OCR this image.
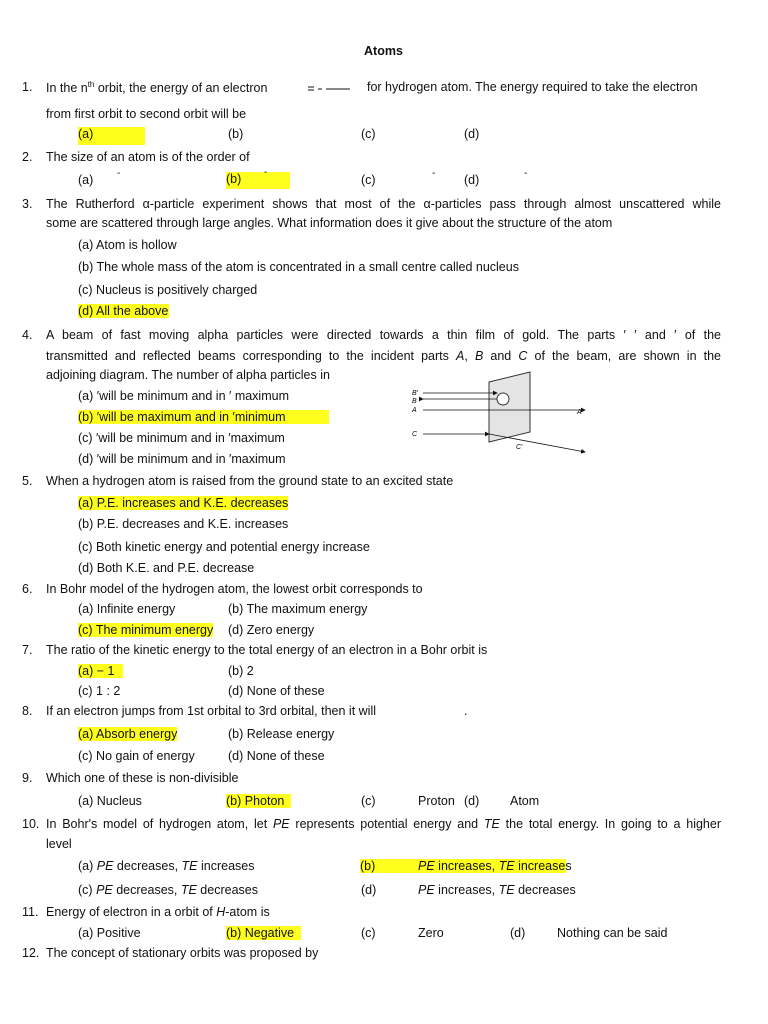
Atoms
1. In the $n^{th}$ orbit, the energy of an electron	for hydrogen atom. The energy required to take the electron
from first orbit to second orbit will be
(a)	(b)	(c)	(d)
2. The size of an atom is of the order of
(a) -	(b) -
(c)	- (d)	-
3. The Rutherford α-particle experiment shows that most of the α-particles pass through almost unscattered while
some are scattered through large angles. What information does it give about the structure of the atom
(a) Atom is hollow
(b) The whole mass of the atom is concentrated in a small centre called nucleus
(c) Nucleus is positively charged
(d) All the above
4. A beam of fast moving alpha particles were directed towards a thin film of gold. The parts ′ ′ and ′ of the
transmitted and reflected beams corresponding to the incident parts A, B and C of the beam, are shown in the
adjoining diagram. The number of alpha particles in
(a) ′will be minimum and in ′ maximum
(b) ′will be maximum and in ′minimum
(c) ′will be minimum and in ′maximum
(d) ′will be minimum and in ′maximum
B′
B
A
C
A′
C′
5. When a hydrogen atom is raised from the ground state to an excited state
(a) P.E. increases and K.E. decreases
(b) P.E. decreases and K.E. increases
(c) Both kinetic energy and potential energy increase
(d) Both K.E. and P.E. decrease
6. In Bohr model of the hydrogen atom, the lowest orbit corresponds to
(a) Infinite energy	(b) The maximum energy
(c) The minimum energy (d) Zero energy
7. The ratio of the kinetic energy to the total energy of an electron in a Bohr orbit is
(a) − 1	(b) 2
(c) 1 : 2	(d) None of these
8. If an electron jumps from 1st orbital to 3rd orbital, then it will	.
(a) Absorb energy	(b) Release energy
(c) No gain of energy	(d) None of these
9. Which one of these is non-divisible
(a) Nucleus	(b) Photon	(c)	Proton (d) Atom
10. In Bohr's model of hydrogen atom, let PE represents potential energy and TE the total energy. In going to a higher
level
(a) PE decreases, TE increases	(b)	PE increases, TE increases
(c) PE decreases, TE decreases	(d)	PE increases, TE decreases
11. Energy of electron in a orbit of H-atom is
(a) Positive	(b) Negative	(c)	Zero	(d)	Nothing can be said
12. The concept of stationary orbits was proposed by
